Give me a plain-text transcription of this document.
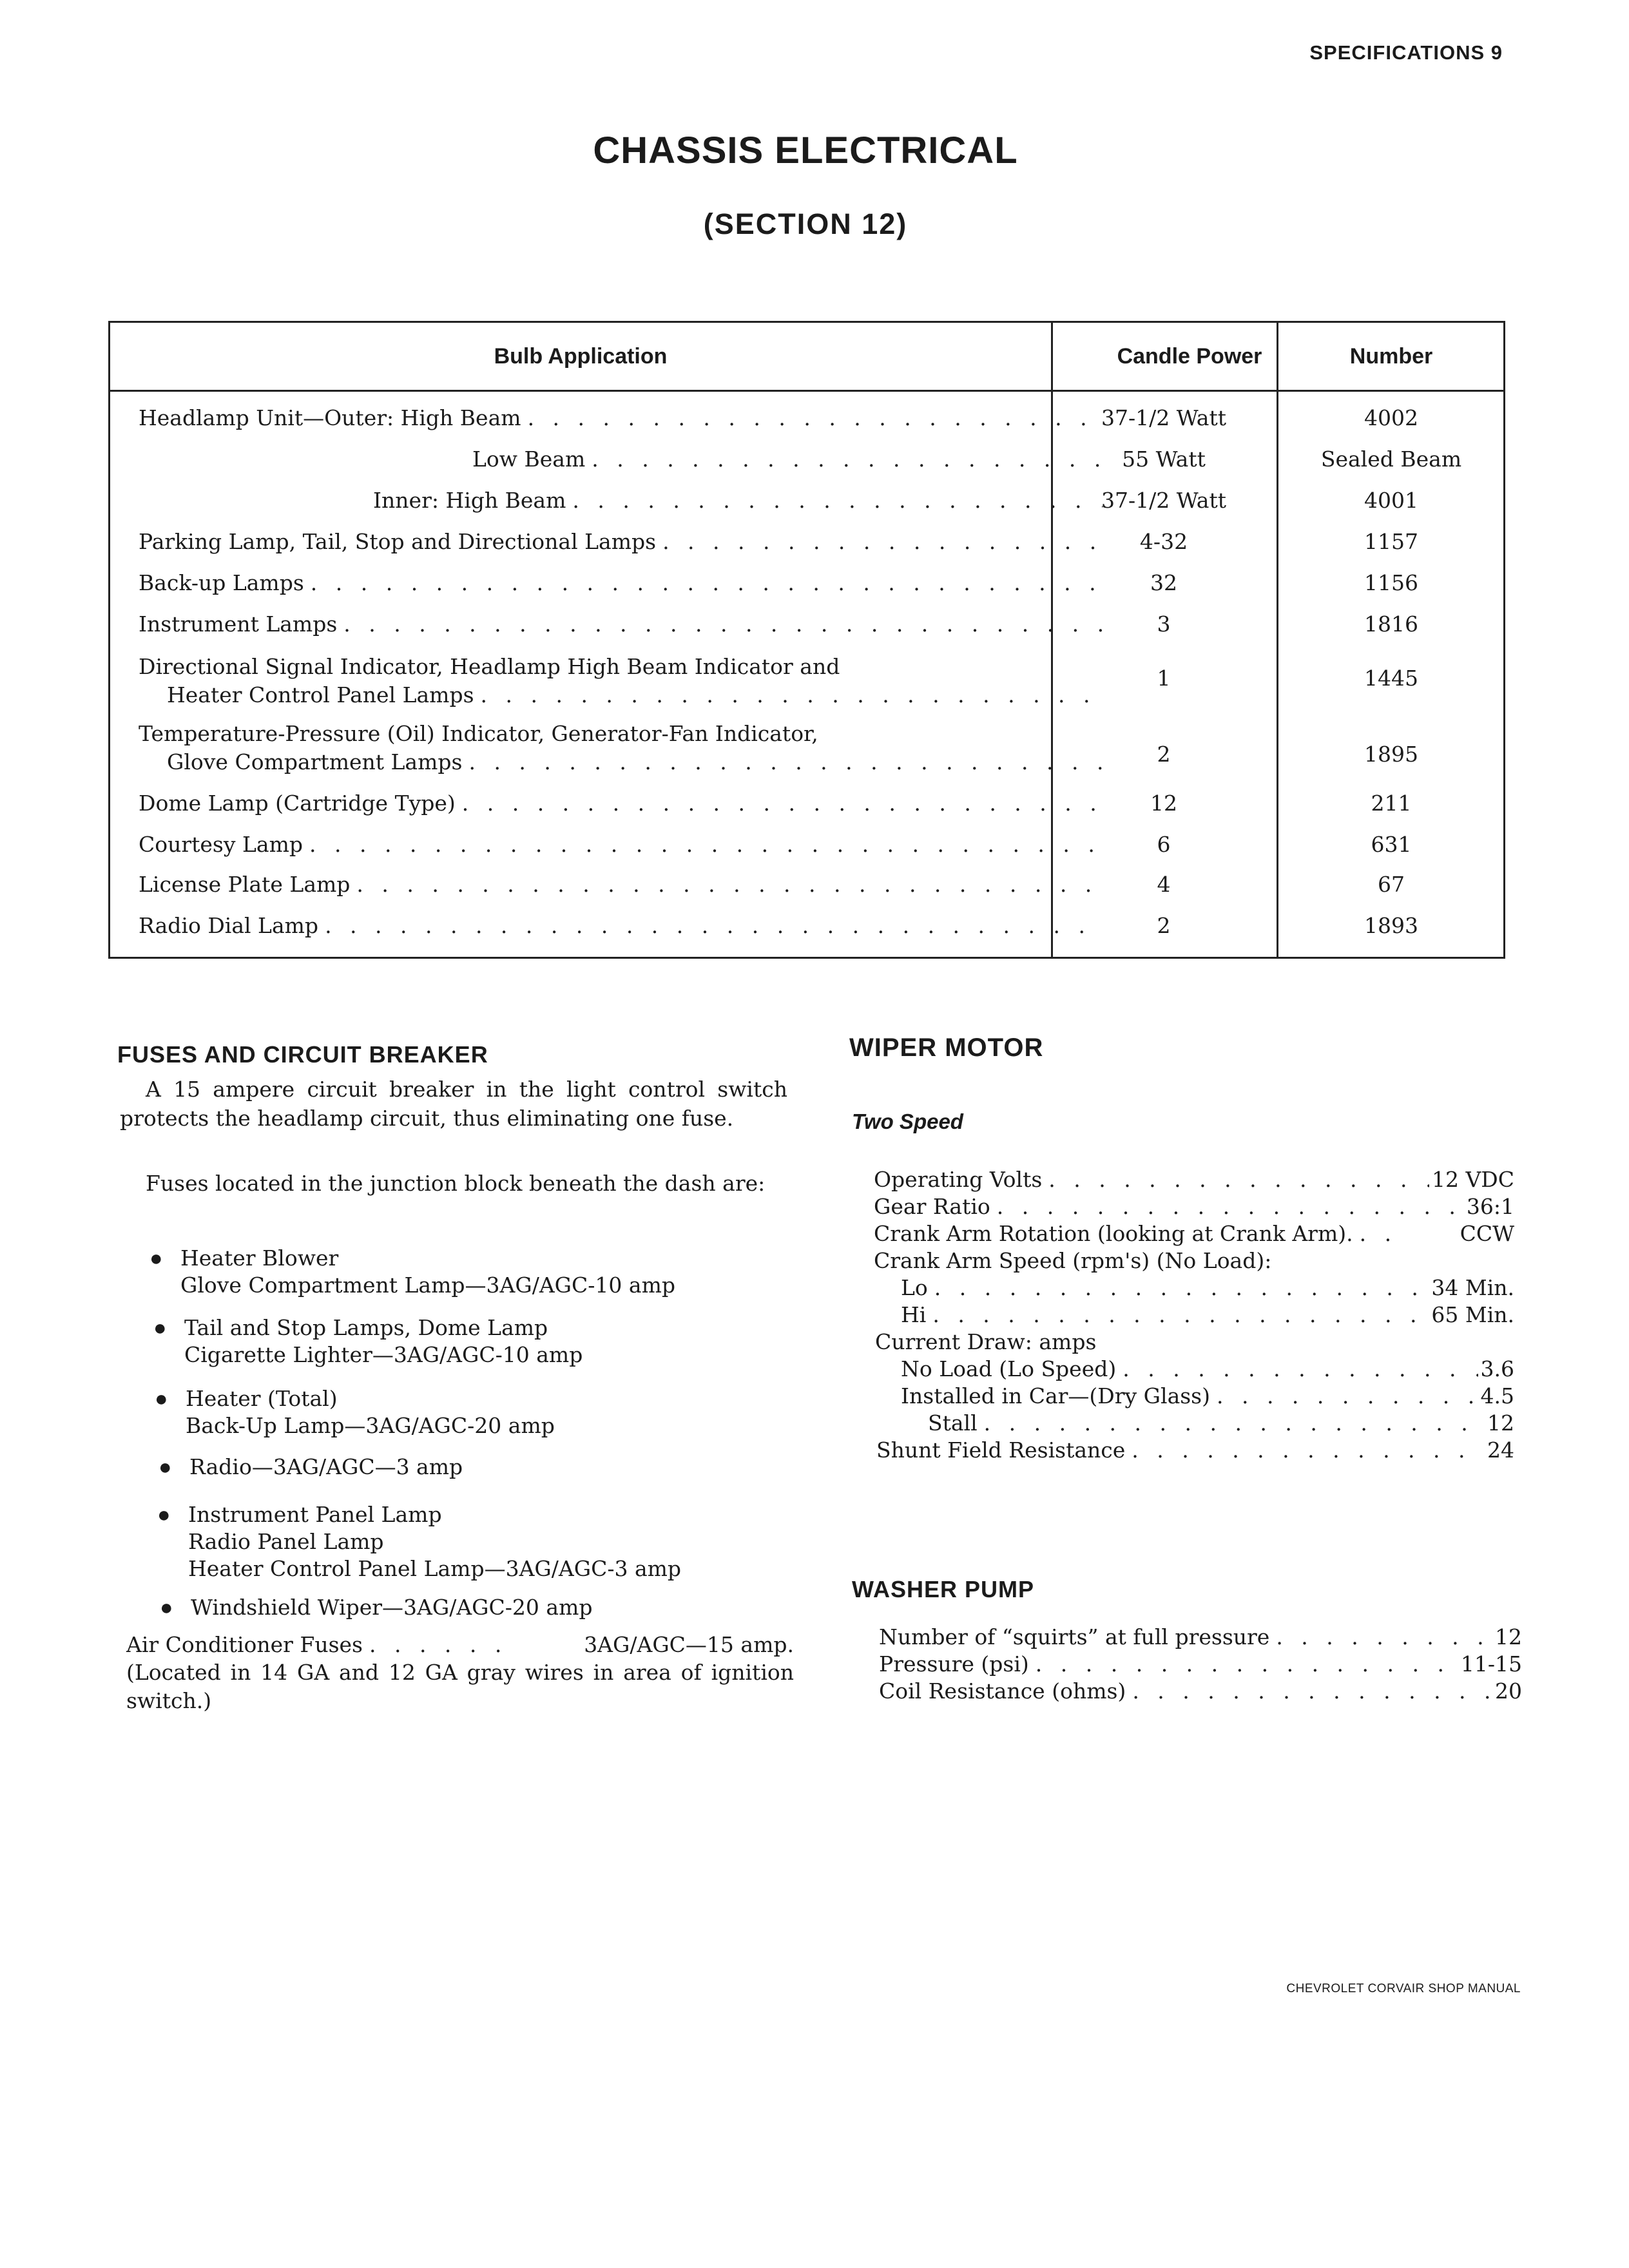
SPECIFICATIONS 9
CHASSIS ELECTRICAL
(SECTION 12)
Bulb Application	Candle Power	Number
Headlamp Unit—Outer: High Beam . . .	37-1/2 Watt	4002
Low Beam . . .	55 Watt	Sealed Beam
Inner: High Beam . . .	37-1/2 Watt	4001
Parking Lamp, Tail, Stop and Directional Lamps . . .	4-32	1157
Back-up Lamps . . .	32	1156
Instrument Lamps . . .	3	1816
Directional Signal Indicator, Headlamp High Beam Indicator and
Heater Control Panel Lamps
. . .
1	1445
Temperature-Pressure (Oil) Indicator, Generator-Fan Indicator,
Glove Compartment Lamps . . .	2	1895
Dome Lamp (Cartridge Type) . . .	12	211
Courtesy Lamp . . .	6	631
License Plate Lamp . . .	4	67
Radio Dial Lamp . . .	2	1893
FUSES AND CIRCUIT BREAKER
A 15 ampere circuit breaker in the light control switch protects the headlamp circuit, thus eliminating one fuse.
Fuses located in the junction block beneath the dash are:
● Heater Blower
Glove Compartment Lamp—3AG/AGC-10 amp
● Tail and Stop Lamps, Dome Lamp
Cigarette Lighter—3AG/AGC-10 amp
● Heater (Total)
Back-Up Lamp—3AG/AGC-20 amp
● Radio—3AG/AGC—3 amp
● Instrument Panel Lamp
Radio Panel Lamp
Heater Control Panel Lamp—3AG/AGC-3 amp
● Windshield Wiper—3AG/AGC-20 amp
Air Conditioner Fuses . . .	3AG/AGC—15 amp.
(Located in 14 GA and 12 GA gray wires in area of ignition switch.)
WIPER MOTOR
Two Speed
Operating Volts . . .	12 VDC
Gear Ratio . . .	36:1
Crank Arm Rotation (looking at Crank Arm). . . .	CCW
Crank Arm Speed (rpm's) (No Load):
Lo . . .	34 Min.
Hi . . .	65 Min.
Current Draw: amps
No Load (Lo Speed) . . .	3.6
Installed in Car—(Dry Glass) . . .	4.5
Stall . . .	12
Shunt Field Resistance . . .	24
WASHER PUMP
Number of “squirts” at full pressure . . .	12
Pressure (psi) . . .	11-15
Coil Resistance (ohms) . . .	20
CHEVROLET CORVAIR SHOP MANUAL
